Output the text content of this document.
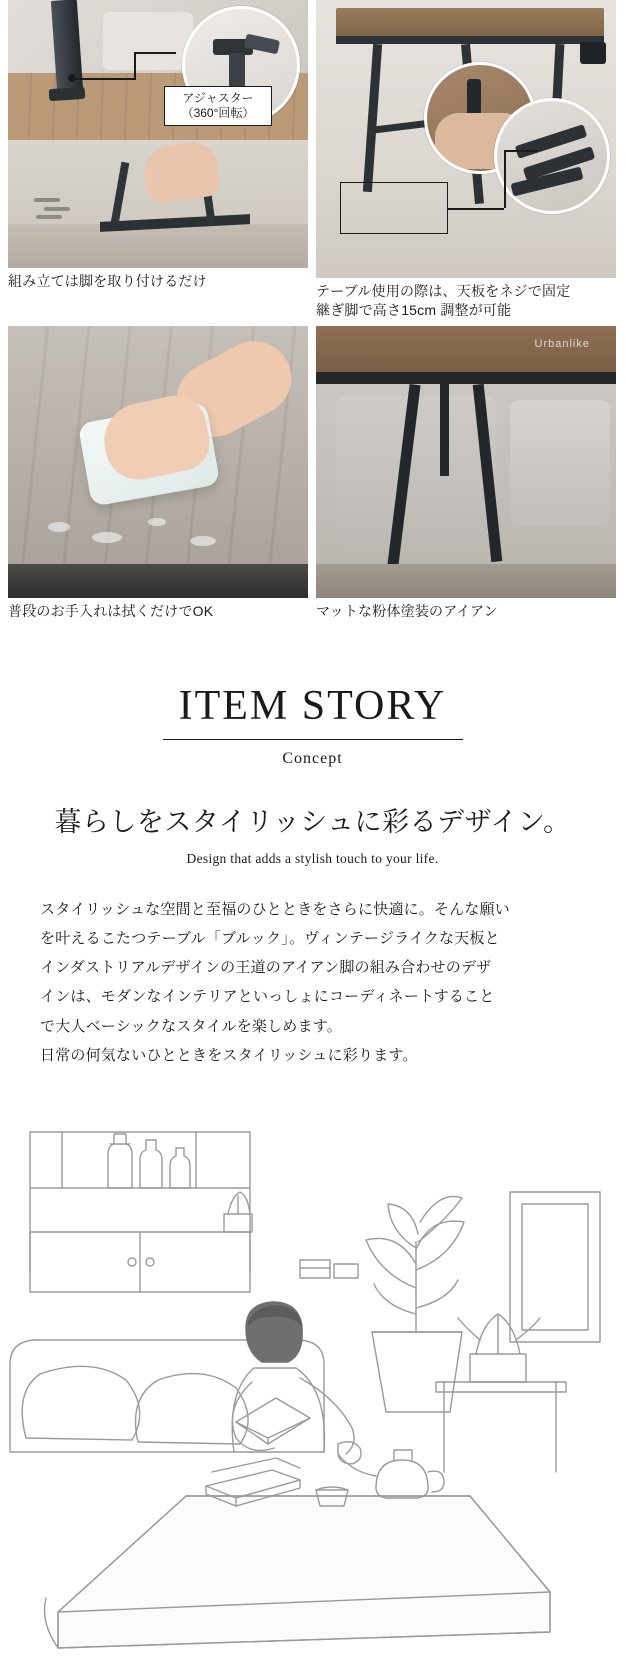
アジャスター
（360°回転）
組み立ては脚を取り付けるだけ
テーブル使用の際は、天板をネジで固定
継ぎ脚で高さ15cm 調整が可能
普段のお手入れは拭くだけでOK
Urbanlike
マットな粉体塗装のアイアン
ITEM STORY
Concept
暮らしをスタイリッシュに彩るデザイン。
Design that adds a stylish touch to your life.

スタイリッシュな空間と至福のひとときをさらに快適に。そんな願い

を叶えるこたつテーブル「ブルック」。ヴィンテージライクな天板と

インダストリアルデザインの王道のアイアン脚の組み合わせのデザ

インは、モダンなインテリアといっしょにコーディネートすること

で大人ベーシックなスタイルを楽しめます。

日常の何気ないひとときをスタイリッシュに彩ります。
